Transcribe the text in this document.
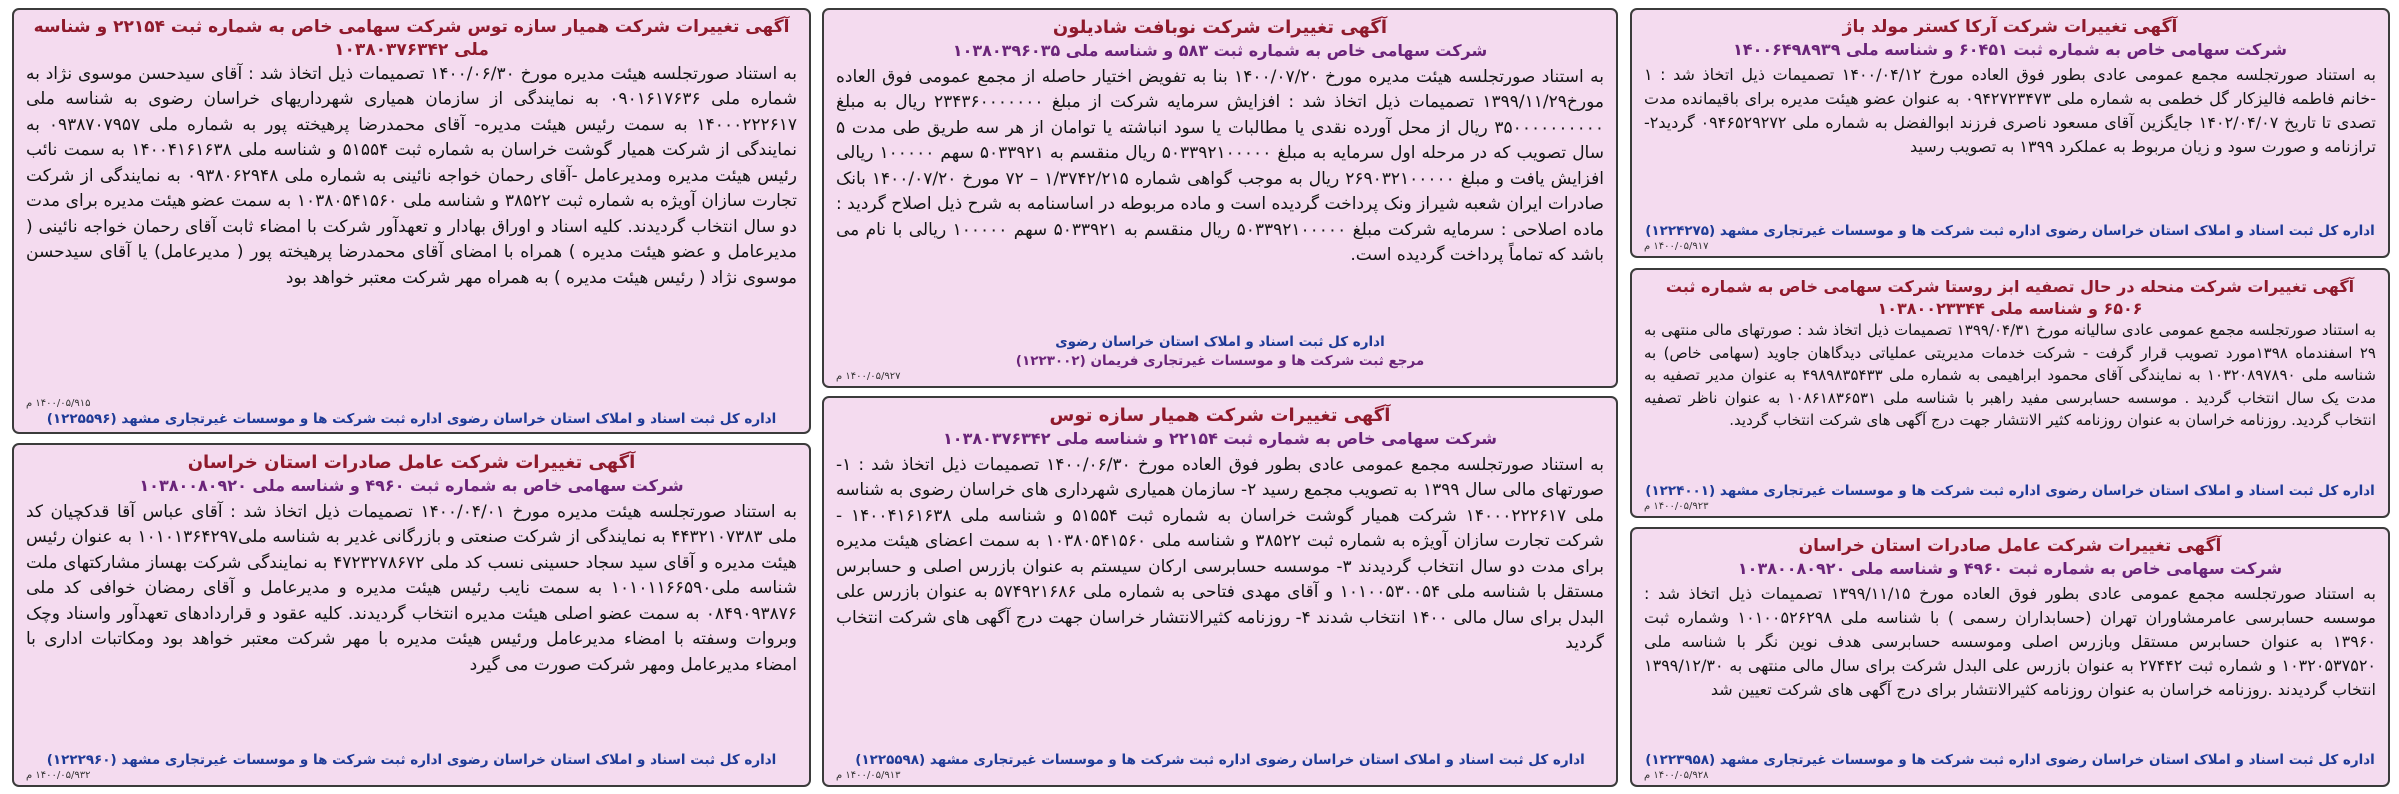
آگهی تغییرات شرکت آرکا کستر مولد باژ
شرکت سهامی خاص به شماره ثبت ۶۰۴۵۱ و شناسه ملی ۱۴۰۰۶۴۹۸۹۳۹
به استناد صورتجلسه مجمع عمومی عادی بطور فوق العاده مورخ ۱۴۰۰/۰۴/۱۲ تصمیمات ذیل اتخاذ شد : ۱ -خانم فاطمه فالیزکار گل خطمی به شماره ملی ۰۹۴۲۷۲۳۴۷۳ به عنوان عضو هیئت مدیره برای باقیمانده مدت تصدی تا تاریخ ۱۴۰۲/۰۴/۰۷ جایگزین آقای مسعود ناصری فرزند ابوالفضل به شماره ملی ۰۹۴۶۵۲۹۲۷۲ گردید۲-ترازنامه و صورت سود و زیان مربوط به عملکرد ۱۳۹۹ به تصویب رسید
اداره کل ثبت اسناد و املاک استان خراسان رضوی اداره ثبت شرکت ها و موسسات غیرتجاری مشهد (۱۲۲۴۲۷۵)
۱۴۰۰/۰۵/۹۱۷ م
آگهی تغییرات شرکت منحله در حال تصفیه ابز روستا شرکت سهامی خاص به شماره ثبت ۶۵۰۶ و شناسه ملی ۱۰۳۸۰۰۲۳۳۴۴
به استناد صورتجلسه مجمع عمومی عادی سالیانه مورخ ۱۳۹۹/۰۴/۳۱ تصمیمات ذیل اتخاذ شد : صورتهای مالی منتهی به ۲۹ اسفندماه ۱۳۹۸مورد تصویب قرار گرفت - شرکت خدمات مدیریتی عملیاتی دیدگاهان جاوید (سهامی خاص) به شناسه ملی ۱۰۳۲۰۸۹۷۸۹۰ به نمایندگی آقای محمود ابراهیمی به شماره ملی ۴۹۸۹۸۳۵۴۳۳ به عنوان مدیر تصفیه به مدت یک سال انتخاب گردید . موسسه حسابرسی مفید راهبر با شناسه ملی ۱۰۸۶۱۸۳۶۵۳۱ به عنوان ناظر تصفیه انتخاب گردید. روزنامه خراسان به عنوان روزنامه کثیر الانتشار جهت درج آگهی های شرکت انتخاب گردید.
اداره کل ثبت اسناد و املاک استان خراسان رضوی اداره ثبت شرکت ها و موسسات غیرتجاری مشهد (۱۲۲۴۰۰۱)
۱۴۰۰/۰۵/۹۲۳ م
آگهی تغییرات شرکت عامل صادرات استان خراسان
شرکت سهامی خاص به شماره ثبت ۴۹۶۰ و شناسه ملی ۱۰۳۸۰۰۸۰۹۲۰
به استناد صورتجلسه مجمع عمومی عادی بطور فوق العاده مورخ ۱۳۹۹/۱۱/۱۵ تصمیمات ذیل اتخاذ شد : موسسه حسابرسی عامرمشاوران تهران (حسابداران رسمی ) با شناسه ملی ۱۰۱۰۰۵۲۶۲۹۸ وشماره ثبت ۱۳۹۶۰ به عنوان حسابرس مستقل وبازرس اصلی وموسسه حسابرسی هدف نوین نگر با شناسه ملی ۱۰۳۲۰۵۳۷۵۲۰ و شماره ثبت ۲۷۴۴۲ به عنوان بازرس علی البدل شرکت برای سال مالی منتهی به ۱۳۹۹/۱۲/۳۰ انتخاب گردیدند .روزنامه خراسان به عنوان روزنامه کثیرالانتشار برای درج آگهی های شرکت تعیین شد
اداره کل ثبت اسناد و املاک استان خراسان رضوی اداره ثبت شرکت ها و موسسات غیرتجاری مشهد (۱۲۲۳۹۵۸)
۱۴۰۰/۰۵/۹۲۸ م
آگهی تغییرات شرکت نوبافت شادیلون
شرکت سهامی خاص به شماره ثبت ۵۸۳ و شناسه ملی ۱۰۳۸۰۳۹۶۰۳۵
به استناد صورتجلسه هیئت مدیره مورخ ۱۴۰۰/۰۷/۲۰ بنا به تفویض اختیار حاصله از مجمع عمومی فوق العاده مورخ۱۳۹۹/۱۱/۲۹ تصمیمات ذیل اتخاذ شد : افزایش سرمایه شرکت از مبلغ ۲۳۴۳۶۰۰۰۰۰۰۰ ریال به مبلغ ۳۵۰۰۰۰۰۰۰۰۰۰ ریال از محل آورده نقدی یا مطالبات یا سود انباشته یا توامان از هر سه طریق طی مدت ۵ سال تصویب که در مرحله اول سرمایه به مبلغ ۵۰۳۳۹۲۱۰۰۰۰۰ ریال منقسم به ۵۰۳۳۹۲۱ سهم ۱۰۰۰۰۰ ریالی افزایش یافت و مبلغ ۲۶۹۰۳۲۱۰۰۰۰۰ ریال به موجب گواهی شماره ۱/۳۷۴۲/۲۱۵ – ۷۲ مورخ ۱۴۰۰/۰۷/۲۰ بانک صادرات ایران شعبه شیراز ونک پرداخت گردیده است و ماده مربوطه در اساسنامه به شرح ذیل اصلاح گردید : ماده اصلاحی : سرمایه شرکت مبلغ ۵۰۳۳۹۲۱۰۰۰۰۰ ریال منقسم به ۵۰۳۳۹۲۱ سهم ۱۰۰۰۰۰ ریالی با نام می باشد که تماماً پرداخت گردیده است.
اداره کل ثبت اسناد و املاک استان خراسان رضوی
مرجع ثبت شرکت ها و موسسات غیرتجاری فریمان (۱۲۲۳۰۰۲)
۱۴۰۰/۰۵/۹۲۷ م
آگهی تغییرات شرکت همیار سازه توس
شرکت سهامی خاص به شماره ثبت ۲۲۱۵۴ و شناسه ملی ۱۰۳۸۰۳۷۶۳۴۲
به استناد صورتجلسه مجمع عمومی عادی بطور فوق العاده مورخ ۱۴۰۰/۰۶/۳۰ تصمیمات ذیل اتخاذ شد : ۱- صورتهای مالی سال ۱۳۹۹ به تصویب مجمع رسید ۲- سازمان همیاری شهرداری های خراسان رضوی به شناسه ملی ۱۴۰۰۰۲۲۲۶۱۷ شرکت همیار گوشت خراسان به شماره ثبت ۵۱۵۵۴ و شناسه ملی ۱۴۰۰۴۱۶۱۶۳۸ - شرکت تجارت سازان آویژه به شماره ثبت ۳۸۵۲۲ و شناسه ملی ۱۰۳۸۰۵۴۱۵۶۰ به سمت اعضای هیئت مدیره برای مدت دو سال انتخاب گردیدند ۳- موسسه حسابرسی ارکان سیستم به عنوان بازرس اصلی و حسابرس مستقل با شناسه ملی ۱۰۱۰۰۵۳۰۰۵۴ و آقای مهدی فتاحی به شماره ملی ۵۷۴۹۲۱۶۸۶ به عنوان بازرس علی البدل برای سال مالی ۱۴۰۰ انتخاب شدند ۴- روزنامه کثیرالانتشار خراسان جهت درج آگهی های شرکت انتخاب گردید
اداره کل ثبت اسناد و املاک استان خراسان رضوی اداره ثبت شرکت ها و موسسات غیرتجاری مشهد (۱۲۲۵۵۹۸)
۱۴۰۰/۰۵/۹۱۳ م
آگهی تغییرات شرکت همیار سازه توس شرکت سهامی خاص به شماره ثبت ۲۲۱۵۴ و شناسه ملی ۱۰۳۸۰۳۷۶۳۴۲
به استناد صورتجلسه هیئت مدیره مورخ ۱۴۰۰/۰۶/۳۰ تصمیمات ذیل اتخاذ شد : آقای سیدحسن موسوی نژاد به شماره ملی ۰۹۰۱۶۱۷۶۳۶ به نمایندگی از سازمان همیاری شهرداریهای خراسان رضوی به شناسه ملی ۱۴۰۰۰۲۲۲۶۱۷ به سمت رئیس هیئت مدیره- آقای محمدرضا پرهیخته پور به شماره ملی ۰۹۳۸۷۰۷۹۵۷ به نمایندگی از شرکت همیار گوشت خراسان به شماره ثبت ۵۱۵۵۴ و شناسه ملی ۱۴۰۰۴۱۶۱۶۳۸ به سمت نائب رئیس هیئت مدیره ومدیرعامل -آقای رحمان خواجه نائینی به شماره ملی ۰۹۳۸۰۶۲۹۴۸ به نمایندگی از شرکت تجارت سازان آویژه به شماره ثبت ۳۸۵۲۲ و شناسه ملی ۱۰۳۸۰۵۴۱۵۶۰ به سمت عضو هیئت مدیره برای مدت دو سال انتخاب گردیدند. کلیه اسناد و اوراق بهادار و تعهدآور شرکت با امضاء ثابت آقای رحمان خواجه نائینی ( مدیرعامل و عضو هیئت مدیره ) همراه با امضای آقای محمدرضا پرهیخته پور ( مدیرعامل) یا آقای سیدحسن موسوی نژاد ( رئیس هیئت مدیره ) به همراه مهر شرکت معتبر خواهد بود
۱۴۰۰/۰۵/۹۱۵ م
اداره کل ثبت اسناد و املاک استان خراسان رضوی اداره ثبت شرکت ها و موسسات غیرتجاری مشهد (۱۲۲۵۵۹۶)
آگهی تغییرات شرکت عامل صادرات استان خراسان
شرکت سهامی خاص به شماره ثبت ۴۹۶۰ و شناسه ملی ۱۰۳۸۰۰۸۰۹۲۰
به استناد صورتجلسه هیئت مدیره مورخ ۱۴۰۰/۰۴/۰۱ تصمیمات ذیل اتخاذ شد : آقای عباس آقا قدکچیان کد ملی ۴۴۳۲۱۰۷۳۸۳ به نمایندگی از شرکت صنعتی و بازرگانی غدیر به شناسه ملی۱۰۱۰۱۳۶۴۲۹۷ به عنوان رئیس هیئت مدیره و آقای سید سجاد حسینی نسب کد ملی ۴۷۲۳۲۷۸۶۷۲ به نمایندگی شرکت بهساز مشارکتهای ملت شناسه ملی۱۰۱۰۱۱۶۶۵۹۰ به سمت نایب رئیس هیئت مدیره و مدیرعامل و آقای رمضان خوافی کد ملی ۰۸۴۹۰۹۳۸۷۶ به سمت عضو اصلی هیئت مدیره انتخاب گردیدند. کلیه عقود و قراردادهای تعهدآور واسناد وچک وبروات وسفته با امضاء مدیرعامل ورئیس هیئت مدیره با مهر شرکت معتبر خواهد بود ومکاتبات اداری با امضاء مدیرعامل ومهر شرکت صورت می گیرد
اداره کل ثبت اسناد و املاک استان خراسان رضوی اداره ثبت شرکت ها و موسسات غیرتجاری مشهد (۱۲۲۲۹۶۰)
۱۴۰۰/۰۵/۹۳۲ م
